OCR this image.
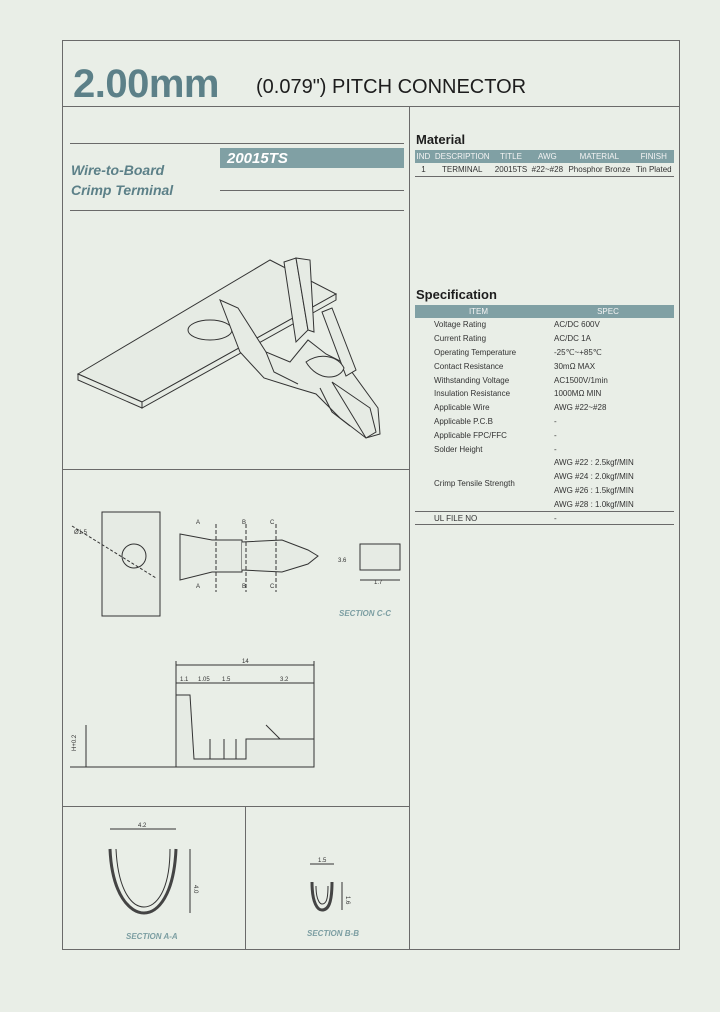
2.00mm (0.079") PITCH CONNECTOR
Wire-to-Board
Crimp Terminal
20015TS
Material
IND	DESCRIPTION	TITLE	AWG	MATERIAL	FINISH
1	TERMINAL	20015TS	#22~#28	Phosphor Bronze	Tin Plated
Specification
ITEM	SPEC
Voltage Rating	AC/DC 600V
Current Rating	AC/DC 1A
Operating Temperature	-25℃~+85℃
Contact Resistance	30mΩ MAX
Withstanding Voltage	AC1500V/1min
Insulation Resistance	1000MΩ MIN
Applicable Wire	AWG #22~#28
Applicable P.C.B	-
Applicable FPC/FFC	-
Solder Height	-
Crimp Tensile Strength	AWG #22 : 2.5kgf/MIN
	AWG #24 : 2.0kgf/MIN
	AWG #26 : 1.5kgf/MIN
	AWG #28 : 1.0kgf/MIN
UL FILE NO	-
Ø1.5
A
A
B
B
C
C
3.6
1.7
SECTION C-C
14
1.1 1.05 1.5	3.2
H+0.2
4.2
4.0
SECTION A-A
1.5
1.6
SECTION B-B
